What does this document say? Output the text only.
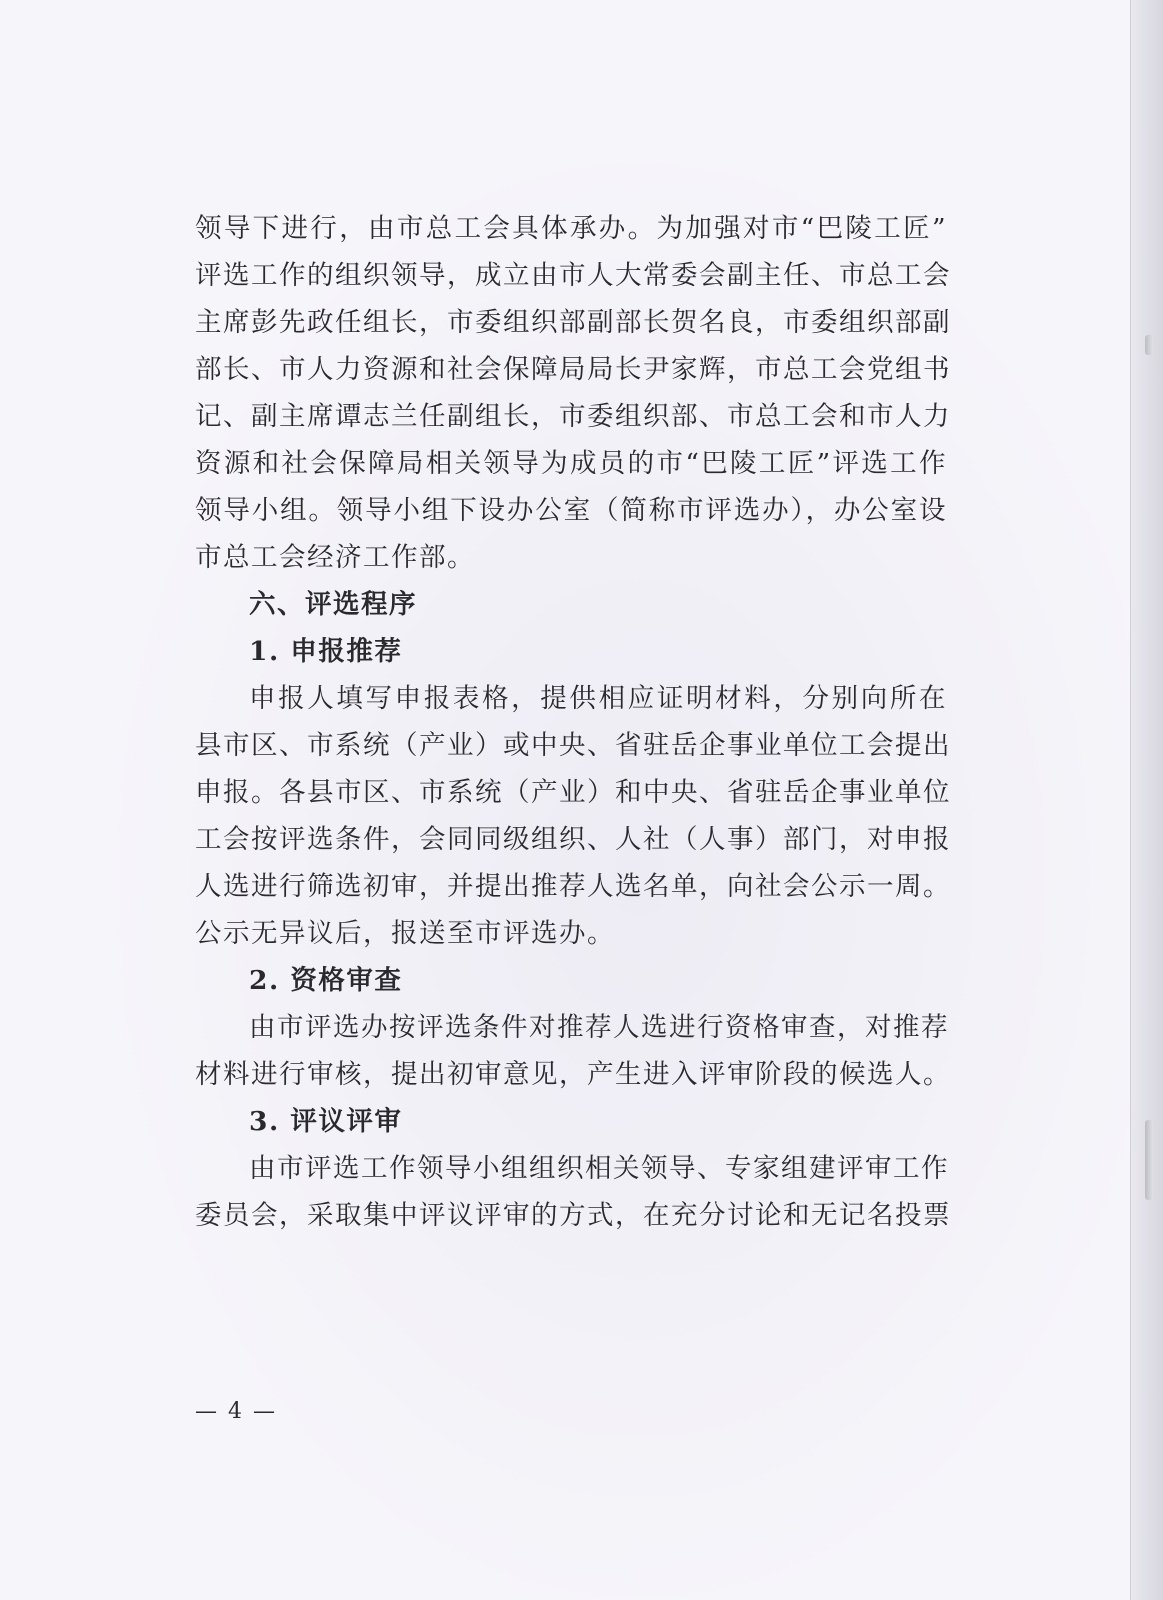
领导下进行，由市总工会具体承办。为加强对市“巴陵工匠”
评选工作的组织领导，成立由市人大常委会副主任、市总工会
主席彭先政任组长，市委组织部副部长贺名良，市委组织部副
部长、市人力资源和社会保障局局长尹家辉，市总工会党组书
记、副主席谭志兰任副组长，市委组织部、市总工会和市人力
资源和社会保障局相关领导为成员的市“巴陵工匠”评选工作
领导小组。领导小组下设办公室（简称市评选办），办公室设
市总工会经济工作部。
六、评选程序
1. 申报推荐
申报人填写申报表格，提供相应证明材料，分别向所在
县市区、市系统（产业）或中央、省驻岳企事业单位工会提出
申报。各县市区、市系统（产业）和中央、省驻岳企事业单位
工会按评选条件，会同同级组织、人社（人事）部门，对申报
人选进行筛选初审，并提出推荐人选名单，向社会公示一周。
公示无异议后，报送至市评选办。
2. 资格审查
由市评选办按评选条件对推荐人选进行资格审查，对推荐
材料进行审核，提出初审意见，产生进入评审阶段的候选人。
3. 评议评审
由市评选工作领导小组组织相关领导、专家组建评审工作
委员会，采取集中评议评审的方式，在充分讨论和无记名投票
— 4 —
